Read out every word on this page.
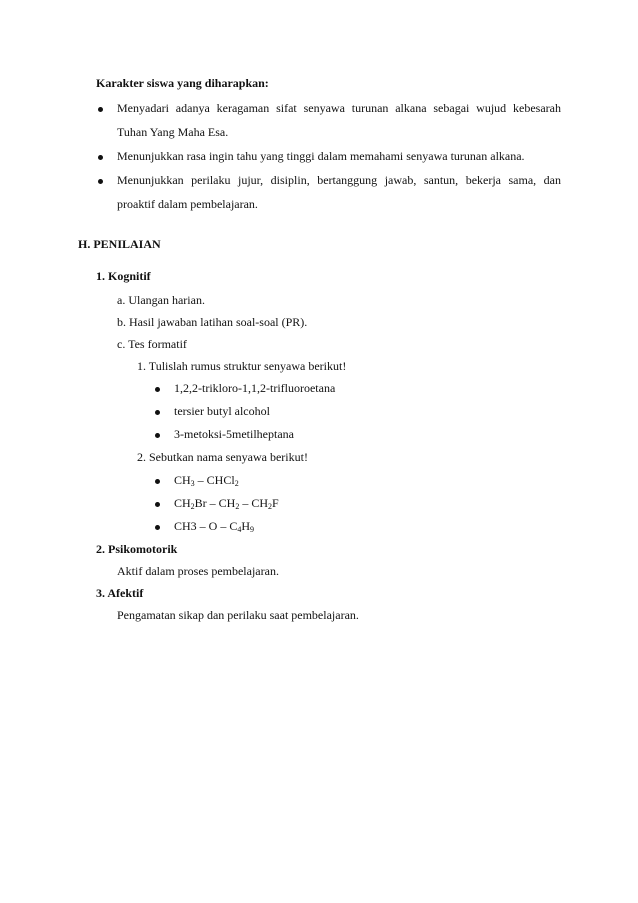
Karakter siswa yang diharapkan:
Menyadari adanya keragaman sifat senyawa turunan alkana sebagai wujud kebesarah
Tuhan Yang Maha Esa.
Menunjukkan rasa ingin tahu yang tinggi dalam memahami senyawa turunan alkana.
Menunjukkan perilaku jujur, disiplin, bertanggung jawab, santun, bekerja sama, dan
proaktif dalam pembelajaran.
H. PENILAIAN
1. Kognitif
a. Ulangan harian.
b. Hasil jawaban latihan soal-soal (PR).
c. Tes formatif
1. Tulislah rumus struktur senyawa berikut!
1,2,2-trikloro-1,1,2-trifluoroetana
tersier butyl alcohol
3-metoksi-5metilheptana
2. Sebutkan nama senyawa berikut!
$CH_3$ – CHCl$_2$
$CH_2Br - CH_2 - CH_2F$
CH3 – O – $C_4H_9$
2. Psikomotorik
Aktif dalam proses pembelajaran.
3. Afektif
Pengamatan sikap dan perilaku saat pembelajaran.
